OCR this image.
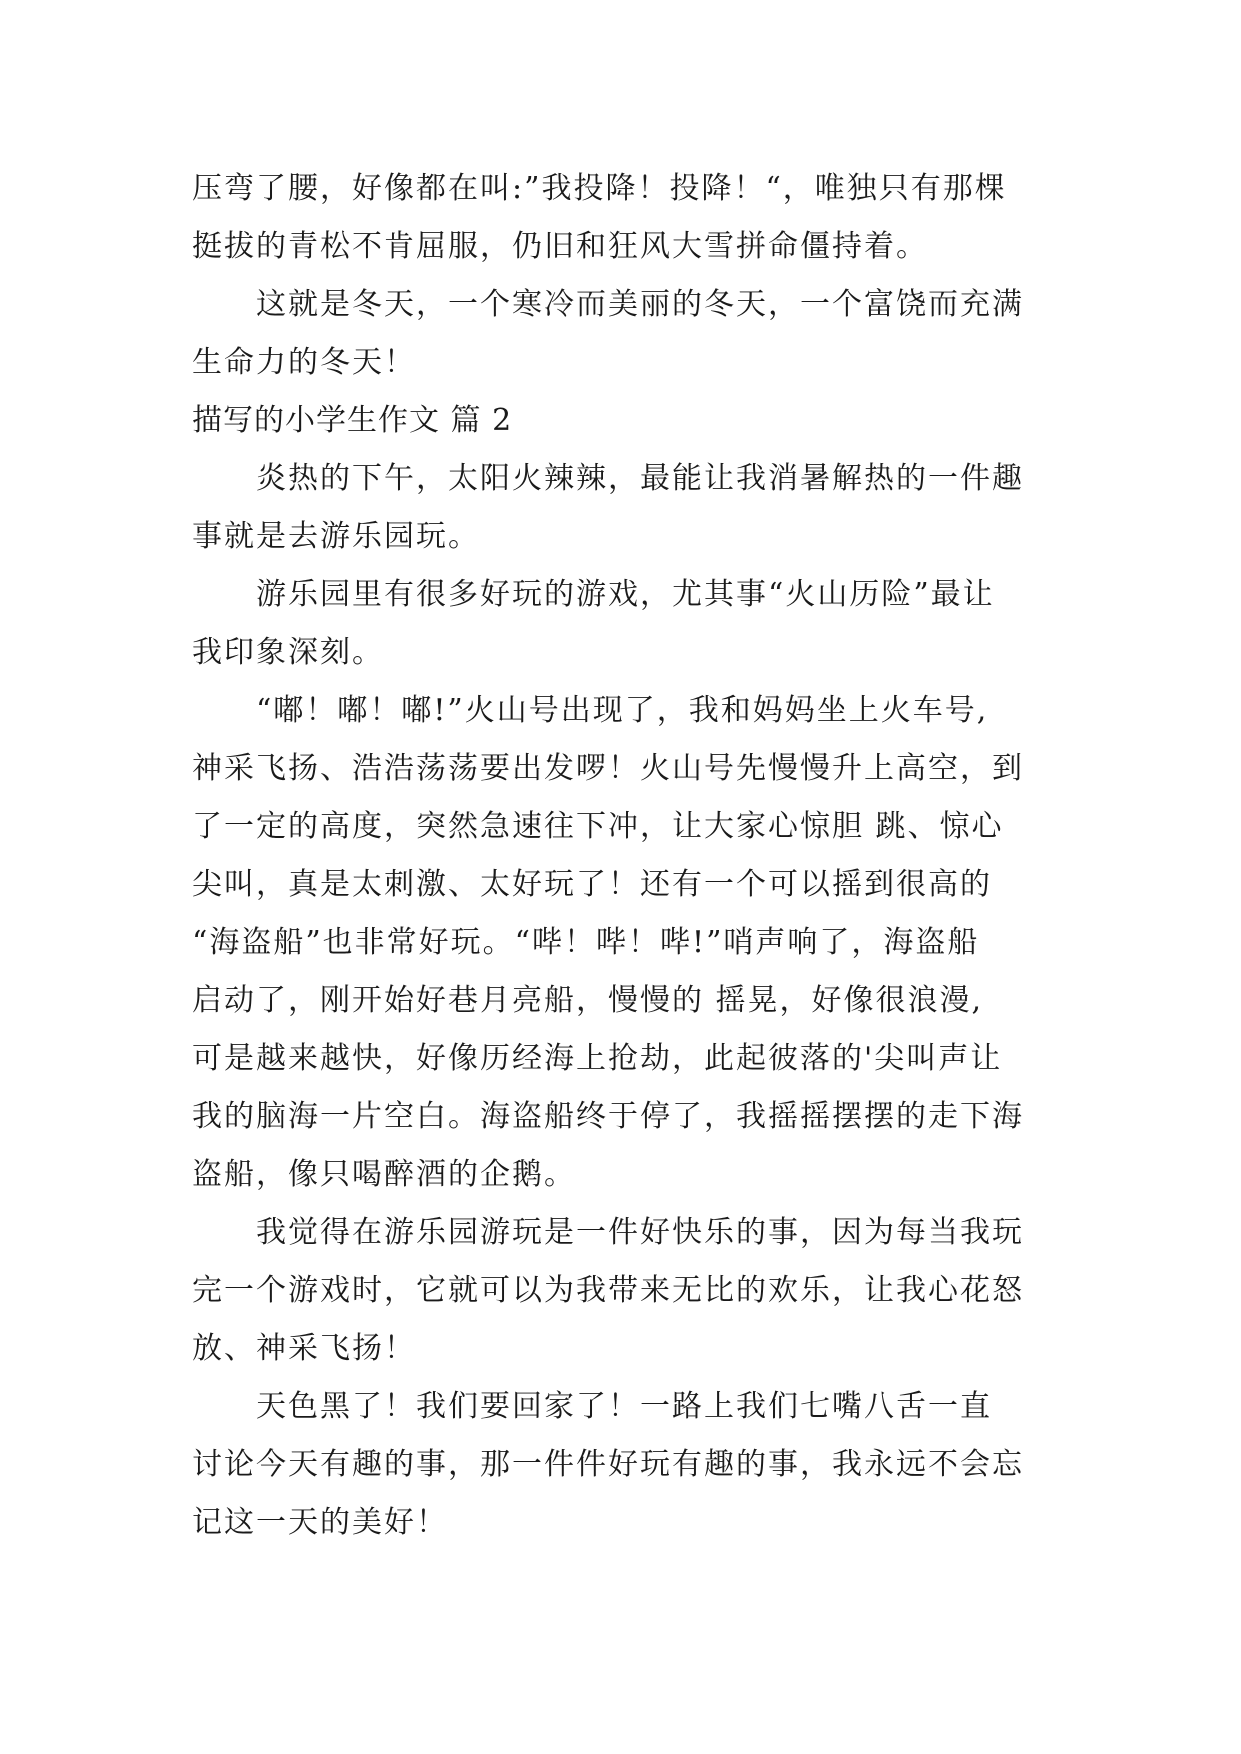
压弯了腰，好像都在叫:”我投降！投降！“，唯独只有那棵
挺拔的青松不肯屈服，仍旧和狂风大雪拼命僵持着。
这就是冬天，一个寒冷而美丽的冬天，一个富饶而充满
生命力的冬天！
描写的小学生作文 篇 2
炎热的下午，太阳火辣辣，最能让我消暑解热的一件趣
事就是去游乐园玩。
游乐园里有很多好玩的游戏，尤其事“火山历险”最让
我印象深刻。
“嘟！嘟！嘟!”火山号出现了，我和妈妈坐上火车号,
神采飞扬、浩浩荡荡要出发啰！火山号先慢慢升上高空，到
了一定的高度，突然急速往下冲，让大家心惊胆 跳、惊心
尖叫，真是太刺激、太好玩了！还有一个可以摇到很高的
“海盗船”也非常好玩。“哔！哔！哔!”哨声响了，海盗船
启动了，刚开始好巷月亮船，慢慢的 摇晃，好像很浪漫,
可是越来越快，好像历经海上抢劫，此起彼落的'尖叫声让
我的脑海一片空白。海盗船终于停了，我摇摇摆摆的走下海
盗船，像只喝醉酒的企鹅。
我觉得在游乐园游玩是一件好快乐的事，因为每当我玩
完一个游戏时，它就可以为我带来无比的欢乐，让我心花怒
放、神采飞扬！
天色黑了！我们要回家了！一路上我们七嘴八舌一直
讨论今天有趣的事，那一件件好玩有趣的事，我永远不会忘
记这一天的美好！
